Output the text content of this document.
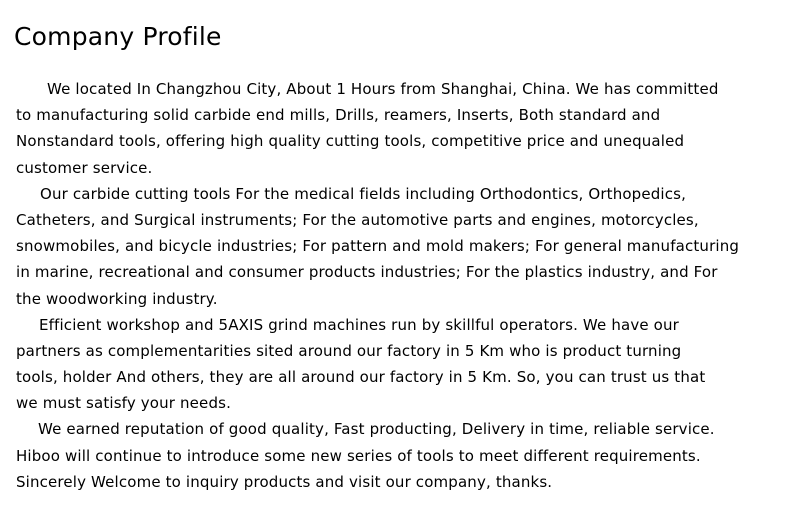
Company Profile
We located In Changzhou City, About 1 Hours from Shanghai, China. We has committed
to manufacturing solid carbide end mills, Drills, reamers, Inserts, Both standard and
Nonstandard tools, offering high quality cutting tools, competitive price and unequaled
customer service.
Our carbide cutting tools For the medical fields including Orthodontics, Orthopedics,
Catheters, and Surgical instruments; For the automotive parts and engines, motorcycles,
snowmobiles, and bicycle industries; For pattern and mold makers; For general manufacturing
in marine, recreational and consumer products industries; For the plastics industry, and For
the woodworking industry.
Efficient workshop and 5AXIS grind machines run by skillful operators. We have our
partners as complementarities sited around our factory in 5 Km who is product turning
tools, holder And others, they are all around our factory in 5 Km. So, you can trust us that
we must satisfy your needs.
We earned reputation of good quality, Fast producting, Delivery in time, reliable service.
Hiboo will continue to introduce some new series of tools to meet different requirements.
Sincerely Welcome to inquiry products and visit our company, thanks.
